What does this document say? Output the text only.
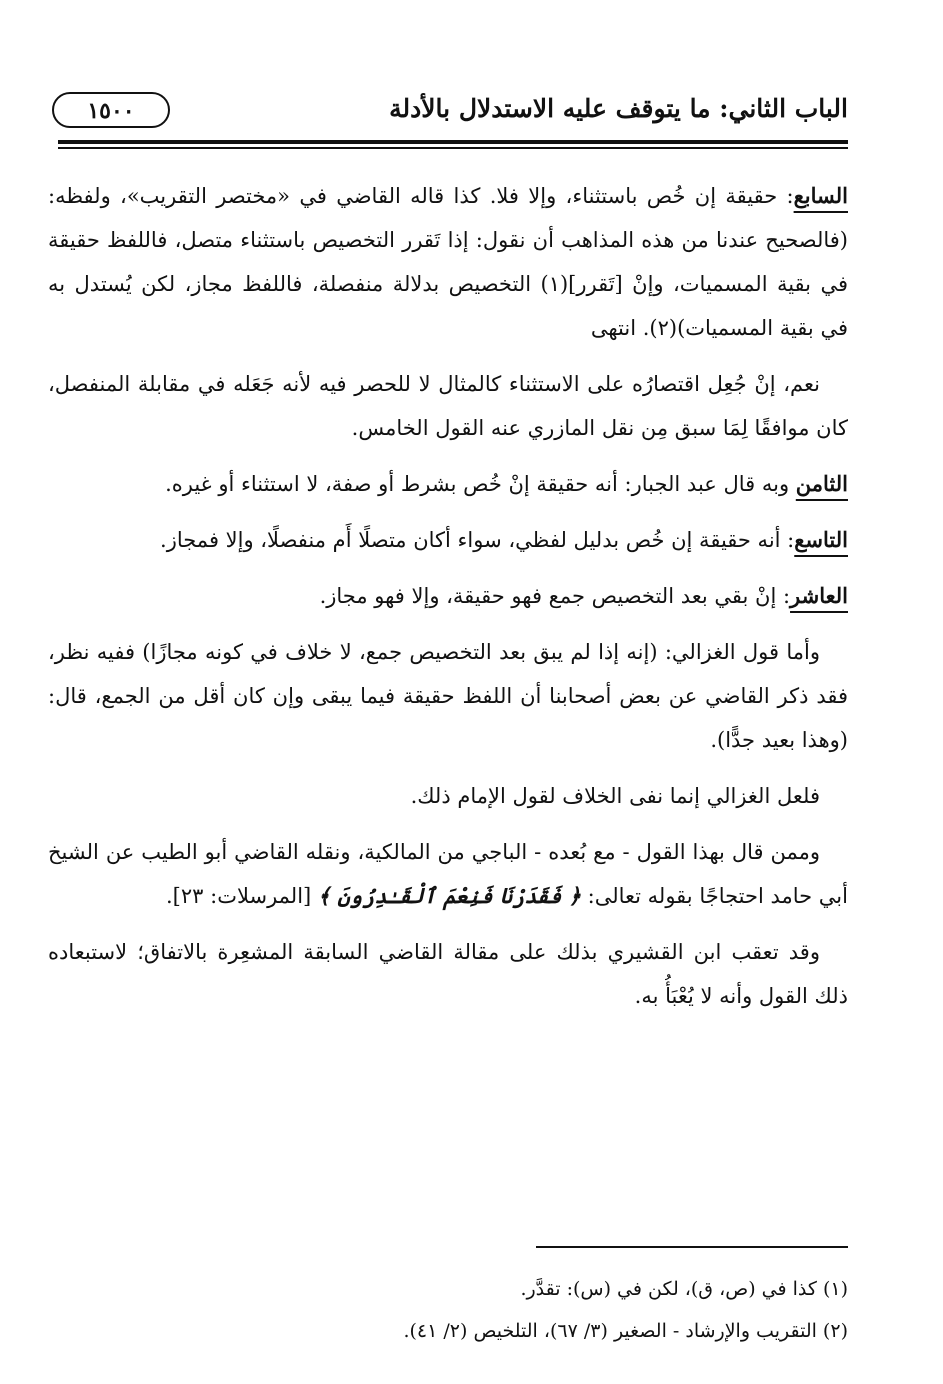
الباب الثاني: ما يتوقف عليه الاستدلال بالأدلة
١٥٠٠

السابع: حقيقة إن خُص باستثناء، وإلا فلا. كذا قاله القاضي في «مختصر التقريب»، ولفظه: (فالصحيح عندنا من هذه المذاهب أن نقول: إذا تَقرر التخصيص باستثناء متصل، فاللفظ حقيقة في بقية المسميات، وإنْ [تَقرر](١) التخصيص بدلالة منفصلة، فاللفظ مجاز، لكن يُستدل به في بقية المسميات)(٢). انتهى

نعم، إنْ جُعِل اقتصارُه على الاستثناء كالمثال لا للحصر فيه لأنه جَعَله في مقابلة المنفصل، كان موافقًا لِمَا سبق مِن نقل المازري عنه القول الخامس.

الثامن وبه قال عبد الجبار: أنه حقيقة إنْ خُص بشرط أو صفة، لا استثناء أو غيره.

التاسع: أنه حقيقة إن خُص بدليل لفظي، سواء أكان متصلًا أَم منفصلًا، وإلا فمجاز.

العاشر: إنْ بقي بعد التخصيص جمع فهو حقيقة، وإلا فهو مجاز.

وأما قول الغزالي: (إنه إذا لم يبق بعد التخصيص جمع، لا خلاف في كونه مجازًا) ففيه نظر، فقد ذكر القاضي عن بعض أصحابنا أن اللفظ حقيقة فيما يبقى وإن كان أقل من الجمع، قال: (وهذا بعيد جدًّا).

فلعل الغزالي إنما نفى الخلاف لقول الإمام ذلك.

وممن قال بهذا القول - مع بُعده - الباجي من المالكية، ونقله القاضي أبو الطيب عن الشيخ أبي حامد احتجاجًا بقوله تعالى: ﴿ فَقَدَرْنَا فَنِعْمَ ٱلْقَـٰدِرُونَ ﴾ [المرسلات: ٢٣].

وقد تعقب ابن القشيري بذلك على مقالة القاضي السابقة المشعِرة بالاتفاق؛ لاستبعاده ذلك القول وأنه لا يُعْبَأُ به.

(١) كذا في (ص، ق)، لكن في (س): تقدَّر.

(٢) التقريب والإرشاد - الصغير (٣/ ٦٧)، التلخيص (٢/ ٤١).
